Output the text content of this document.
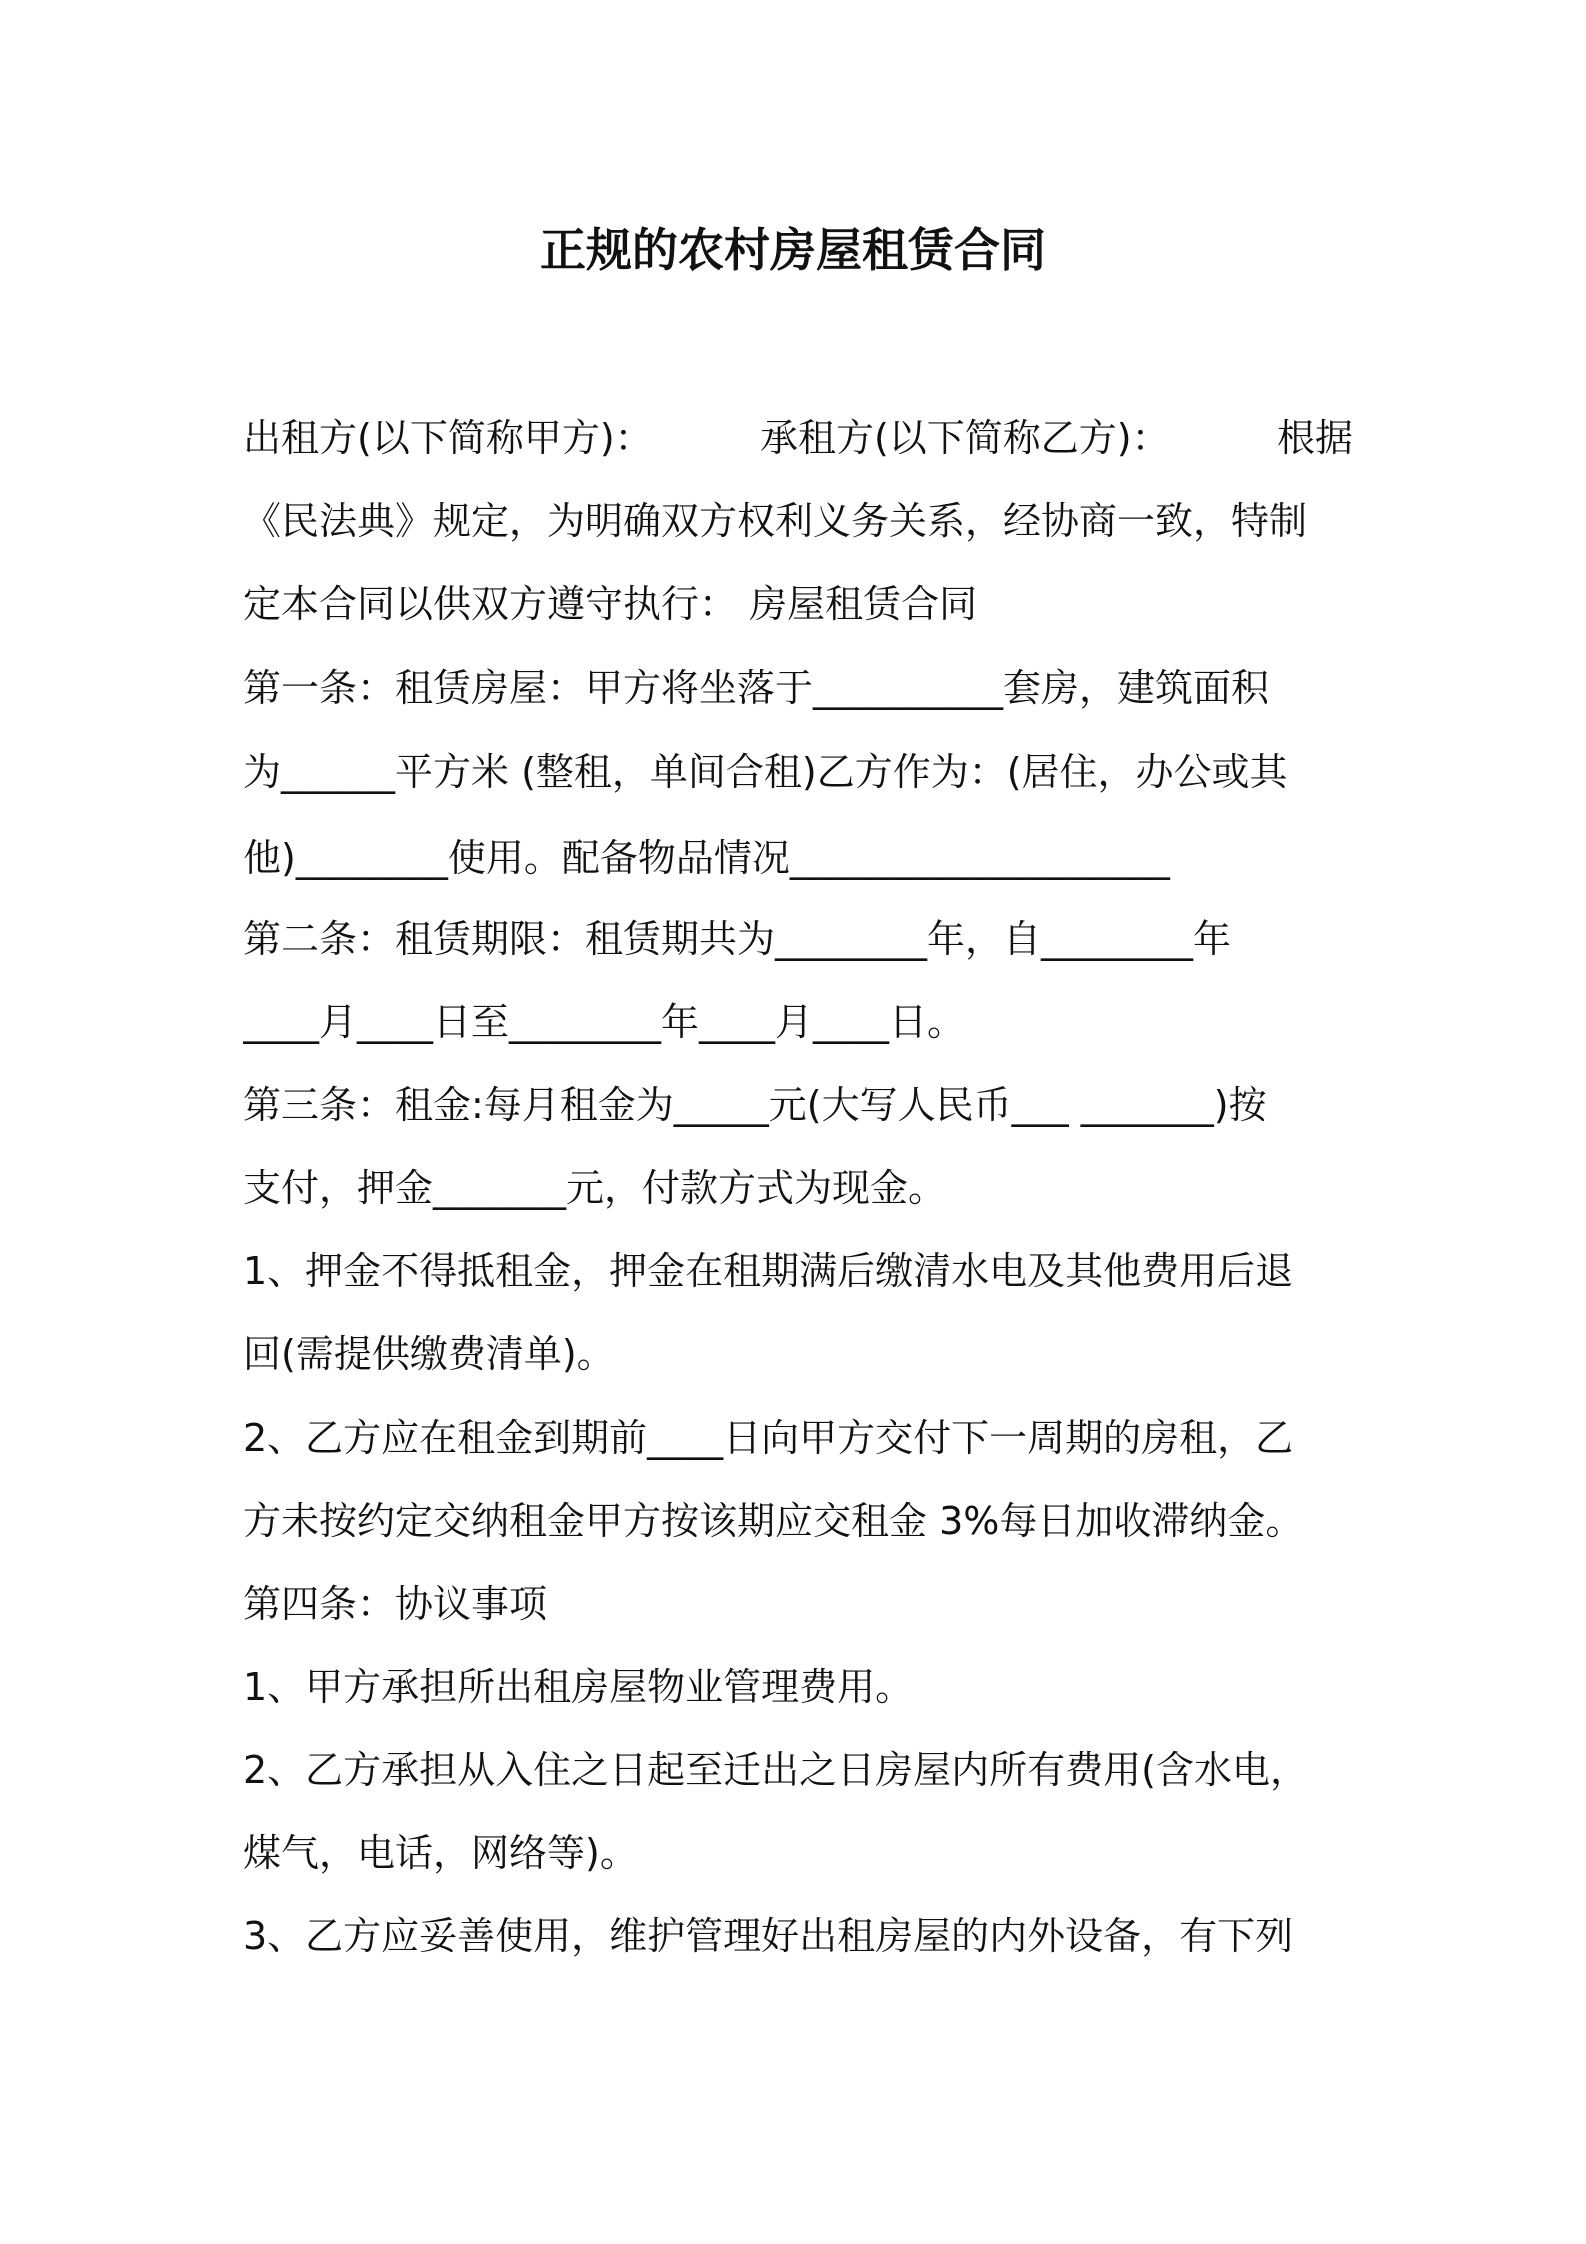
正规的农村房屋租赁合同
出租方(以下简称甲方)：	承租方(以下简称乙方)：	根据
《民法典》规定，为明确双方权利义务关系，经协商一致，特制
定本合同以供双方遵守执行： 房屋租赁合同
第一条：租赁房屋：甲方将坐落于__________套房，建筑面积
为______平方米 (整租，单间合租)乙方作为：(居住，办公或其
他)________使用。配备物品情况____________________
第二条：租赁期限：租赁期共为________年，自________年
____月____日至________年____月____日。
第三条：租金:每月租金为_____元(大写人民币___ _______)按
支付，押金_______元，付款方式为现金。
1、押金不得抵租金，押金在租期满后缴清水电及其他费用后退
回(需提供缴费清单)。
2、乙方应在租金到期前____日向甲方交付下一周期的房租，乙
方未按约定交纳租金甲方按该期应交租金 3%每日加收滞纳金。
第四条：协议事项
1、甲方承担所出租房屋物业管理费用。
2、乙方承担从入住之日起至迁出之日房屋内所有费用(含水电，
煤气，电话，网络等)。
3、乙方应妥善使用，维护管理好出租房屋的内外设备，有下列
